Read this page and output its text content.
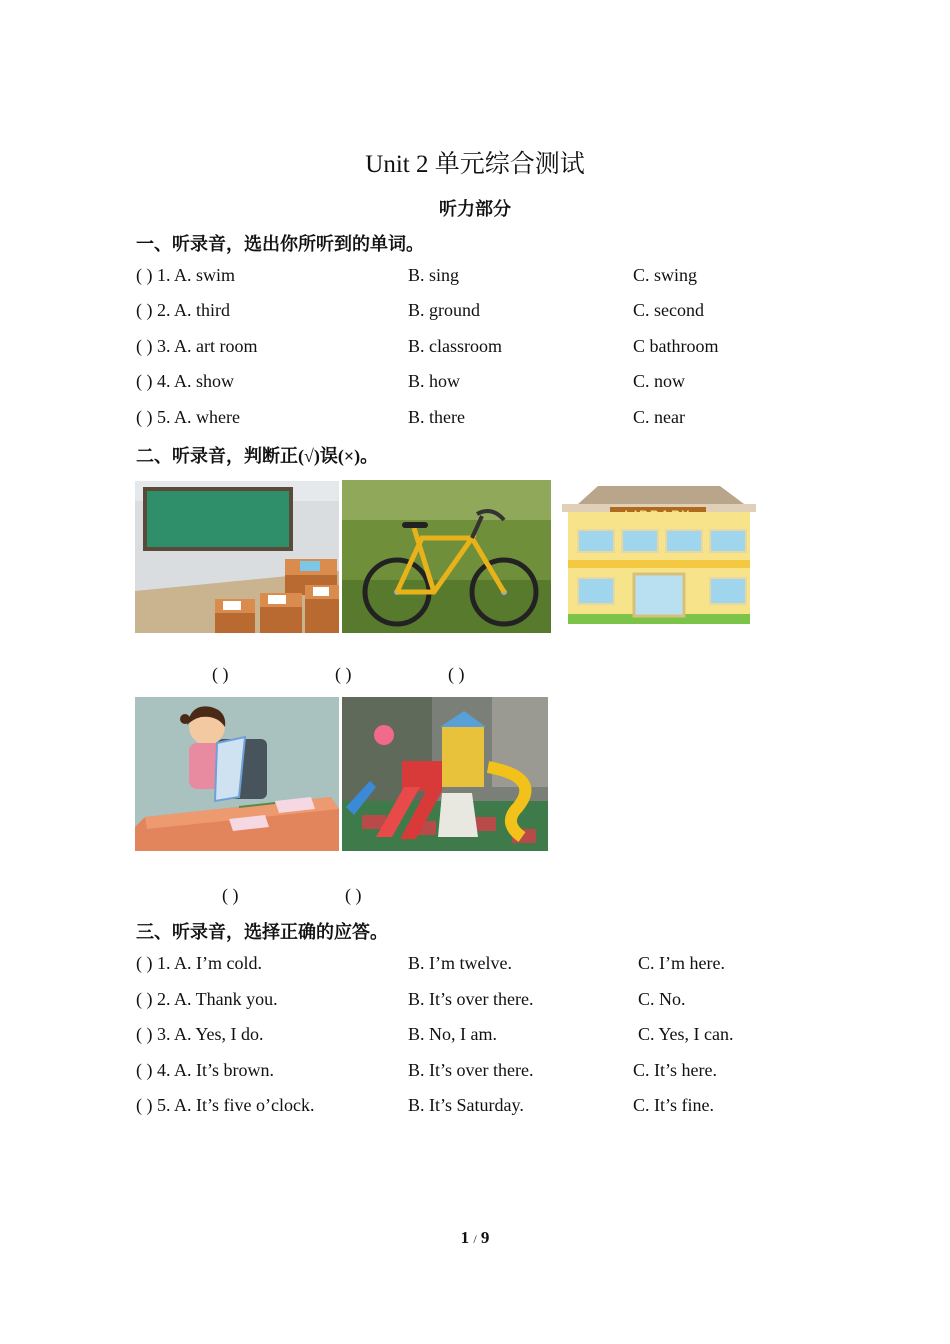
Unit 2 单元综合测试
听力部分
一、听录音，选出你所听到的单词。
( ) 1. A. swim	B. sing	C. swing
( ) 2. A. third	B. ground	C. second
( ) 3. A. art room	B. classroom	C bathroom
( ) 4. A. show	B. how	C. now
( ) 5. A. where	B. there	C. near
二、听录音，判断正(√)误(×)。
LIBRARY
( )	( )	( )
( )	( )
三、听录音，选择正确的应答。
( ) 1. A. I’m cold.	B. I’m twelve.	C. I’m here.
( ) 2. A. Thank you.	B. It’s over there.	C. No.
( ) 3. A. Yes, I do.	B. No, I am.	C. Yes, I can.
( ) 4. A. It’s brown.	B. It’s over there.	C. It’s here.
( ) 5. A. It’s five o’clock.	B. It’s Saturday.	C. It’s fine.
1 / 9
